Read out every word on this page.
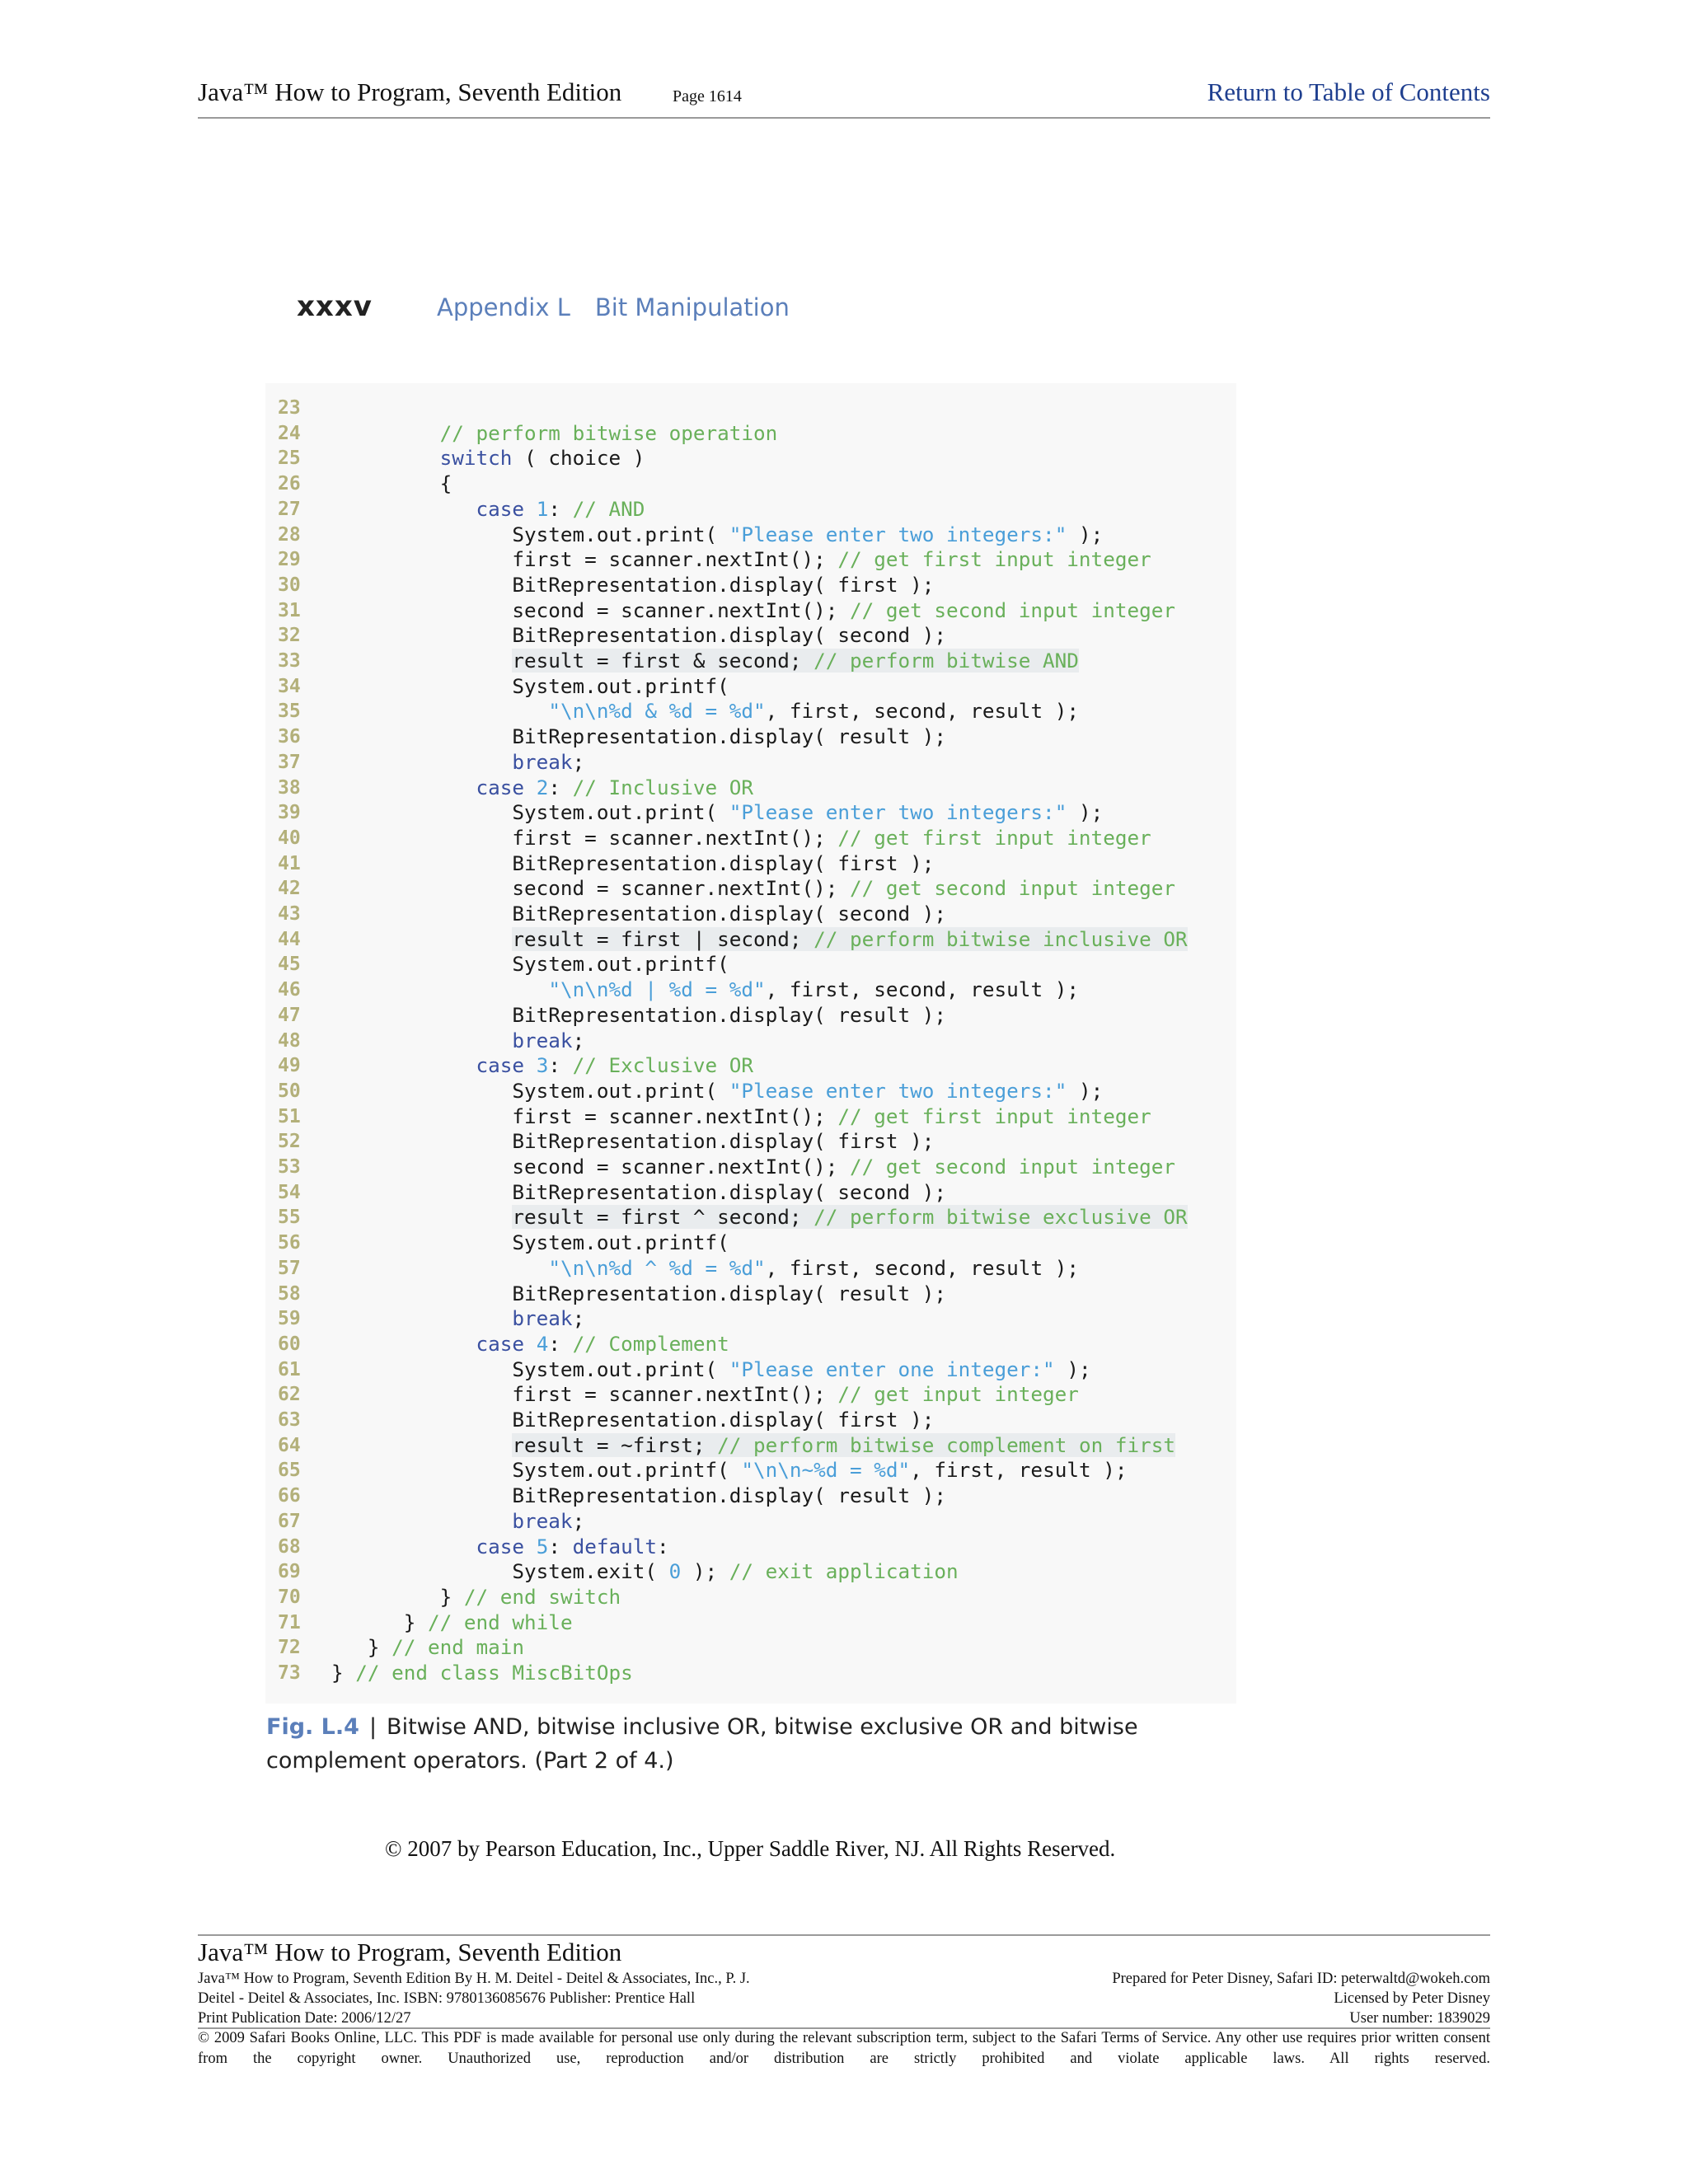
Java™ How to Program, Seventh Edition	Page 1614	Return to Table of Contents
xxxv	Appendix L Bit Manipulation
23
24	// perform bitwise operation
25	switch ( choice )
26	{
27	case 1: // AND
28	System.out.print( "Please enter two integers:" );
29	first = scanner.nextInt(); // get first input integer
30	BitRepresentation.display( first );
31	second = scanner.nextInt(); // get second input integer
32	BitRepresentation.display( second );
33	result = first & second; // perform bitwise AND
34	System.out.printf(
35	"\n\n%d & %d = %d", first, second, result );
36	BitRepresentation.display( result );
37	break;
38	case 2: // Inclusive OR
39	System.out.print( "Please enter two integers:" );
40	first = scanner.nextInt(); // get first input integer
41	BitRepresentation.display( first );
42	second = scanner.nextInt(); // get second input integer
43	BitRepresentation.display( second );
44	result = first | second; // perform bitwise inclusive OR
45	System.out.printf(
46	"\n\n%d | %d = %d", first, second, result );
47	BitRepresentation.display( result );
48	break;
49	case 3: // Exclusive OR
50	System.out.print( "Please enter two integers:" );
51	first = scanner.nextInt(); // get first input integer
52	BitRepresentation.display( first );
53	second = scanner.nextInt(); // get second input integer
54	BitRepresentation.display( second );
55	result = first ^ second; // perform bitwise exclusive OR
56	System.out.printf(
57	"\n\n%d ^ %d = %d", first, second, result );
58	BitRepresentation.display( result );
59	break;
60	case 4: // Complement
61	System.out.print( "Please enter one integer:" );
62	first = scanner.nextInt(); // get input integer
63	BitRepresentation.display( first );
64	result = ~first; // perform bitwise complement on first
65	System.out.printf( "\n\n~%d = %d", first, result );
66	BitRepresentation.display( result );
67	break;
68	case 5: default:
69	System.exit( 0 ); // exit application
70	} // end switch
71	} // end while
72	} // end main
73	} // end class MiscBitOps
Fig. L.4 | Bitwise AND, bitwise inclusive OR, bitwise exclusive OR and bitwise complement operators. (Part 2 of 4.)
© 2007 by Pearson Education, Inc., Upper Saddle River, NJ. All Rights Reserved.
Java™ How to Program, Seventh Edition
Java™ How to Program, Seventh Edition By H. M. Deitel - Deitel & Associates, Inc., P. J.
Deitel - Deitel & Associates, Inc. ISBN: 9780136085676 Publisher: Prentice Hall
Print Publication Date: 2006/12/27
Prepared for Peter Disney, Safari ID: peterwaltd@wokeh.com
Licensed by Peter Disney
User number: 1839029
© 2009 Safari Books Online, LLC. This PDF is made available for personal use only during the relevant subscription term, subject to the Safari Terms of Service. Any other use requires prior written consent from the copyright owner. Unauthorized use, reproduction and/or distribution are strictly prohibited and violate applicable laws. All rights reserved.
